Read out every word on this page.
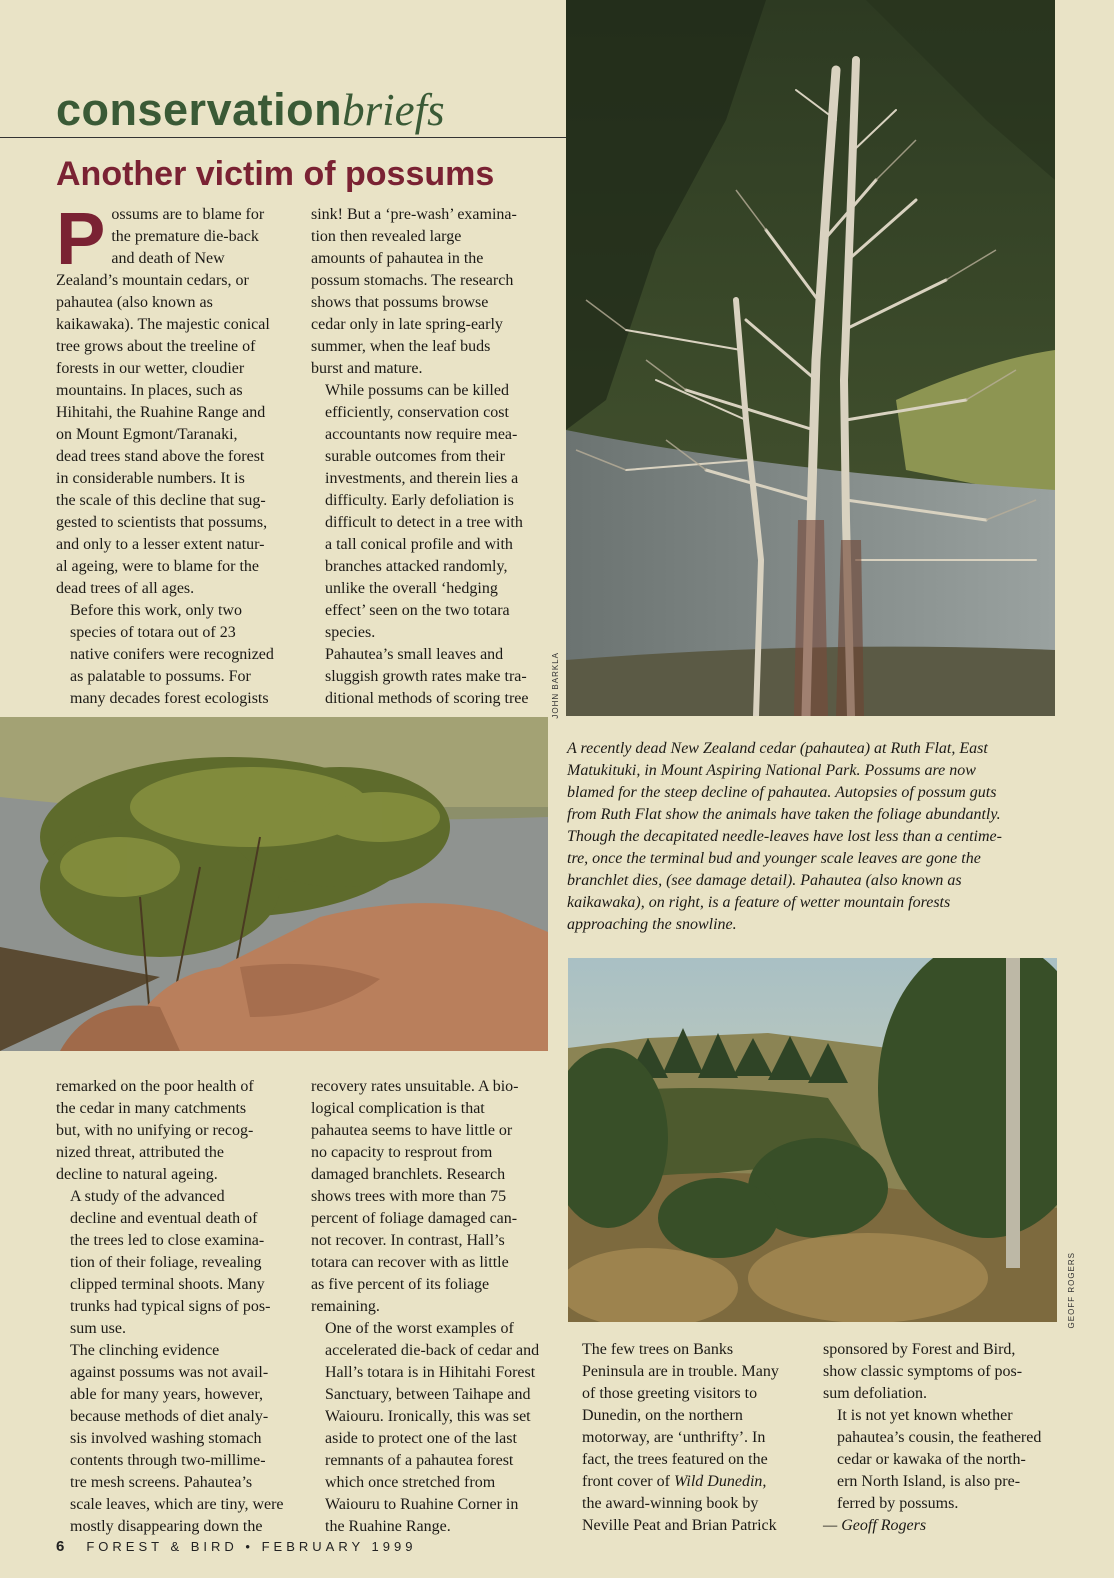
conservationbriefs
Another victim of possums
P ossums are to blame for
the premature die-back
and death of New
Zealand’s mountain cedars, or
pahautea (also known as
kaikawaka). The majestic conical
tree grows about the treeline of
forests in our wetter, cloudier
mountains. In places, such as
Hihitahi, the Ruahine Range and
on Mount Egmont/Taranaki,
dead trees stand above the forest
in considerable numbers. It is
the scale of this decline that sug-
gested to scientists that possums,
and only to a lesser extent natur-
al ageing, were to blame for the
dead trees of all ages.
Before this work, only two
species of totara out of 23
native conifers were recognized
as palatable to possums. For
many decades forest ecologists
sink! But a ‘pre-wash’ examina-
tion then revealed large
amounts of pahautea in the
possum stomachs. The research
shows that possums browse
cedar only in late spring-early
summer, when the leaf buds
burst and mature.
While possums can be killed
efficiently, conservation cost
accountants now require mea-
surable outcomes from their
investments, and therein lies a
difficulty. Early defoliation is
difficult to detect in a tree with
a tall conical profile and with
branches attacked randomly,
unlike the overall ‘hedging
effect’ seen on the two totara
species.
Pahautea’s small leaves and
sluggish growth rates make tra-
ditional methods of scoring tree	JOHN BARKLA
A recently dead New Zealand cedar (pahautea) at Ruth Flat, East
Matukituki, in Mount Aspiring National Park. Possums are now
blamed for the steep decline of pahautea. Autopsies of possum guts
from Ruth Flat show the animals have taken the foliage abundantly.
Though the decapitated needle-leaves have lost less than a centime-
tre, once the terminal bud and younger scale leaves are gone the
branchlet dies, (see damage detail). Pahautea (also known as
kaikawaka), on right, is a feature of wetter mountain forests
approaching the snowline.
GEOFF ROGERS
remarked on the poor health of
the cedar in many catchments
but, with no unifying or recog-
nized threat, attributed the
decline to natural ageing.
A study of the advanced
decline and eventual death of
the trees led to close examina-
tion of their foliage, revealing
clipped terminal shoots. Many
trunks had typical signs of pos-
sum use.
The clinching evidence
against possums was not avail-
able for many years, however,
because methods of diet analy-
sis involved washing stomach
contents through two-millime-
tre mesh screens. Pahautea’s
scale leaves, which are tiny, were
mostly disappearing down the
recovery rates unsuitable. A bio-
logical complication is that
pahautea seems to have little or
no capacity to resprout from
damaged branchlets. Research
shows trees with more than 75
percent of foliage damaged can-
not recover. In contrast, Hall’s
totara can recover with as little
as five percent of its foliage
remaining.
One of the worst examples of
accelerated die-back of cedar and
Hall’s totara is in Hihitahi Forest
Sanctuary, between Taihape and
Waiouru. Ironically, this was set
aside to protect one of the last
remnants of a pahautea forest
which once stretched from
Waiouru to Ruahine Corner in
the Ruahine Range.
The few trees on Banks
Peninsula are in trouble. Many
of those greeting visitors to
Dunedin, on the northern
motorway, are ‘unthrifty’. In
fact, the trees featured on the
front cover of Wild Dunedin,
the award-winning book by
Neville Peat and Brian Patrick
sponsored by Forest and Bird,
show classic symptoms of pos-
sum defoliation.
It is not yet known whether
pahautea’s cousin, the feathered
cedar or kawaka of the north-
ern North Island, is also pre-
ferred by possums.
— Geoff Rogers
6 FOREST & BIRD • FEBRUARY 1999
